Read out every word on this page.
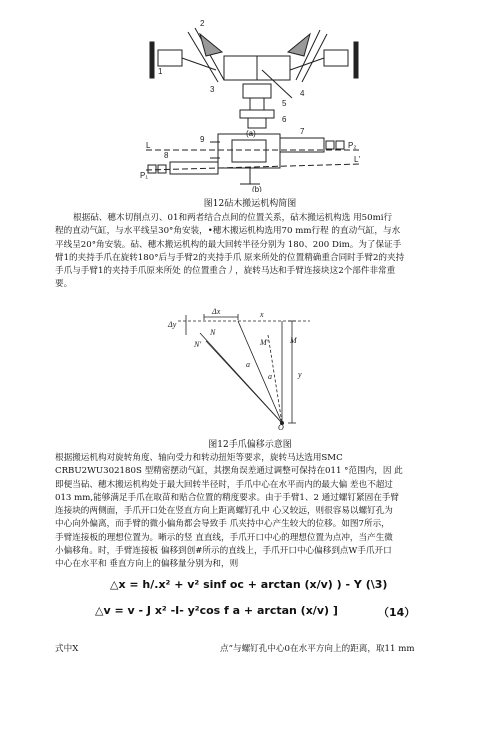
1
2
3	4
5
6
7
8
9
(a)
(b)
L
L'
P₁
P₂
图12砧木搬运机构简图
根据砧、穗木切削点刃、01和两者结合点间的位置关系，砧木搬运机构选 用50mi行
程的直动气缸，与水平线呈30°角安装，•穗木搬运机构选用70 mm行程 的直动气缸，与水
平线呈20°角安装。砧、穗木搬运机构的最大回转半径分别为 180、200 Dim。为了保证手
臂1的夹持手爪在旋转180°后与手臂2的夹持手爪 原来所处的位置精确重合同时手臂2的夹持
手爪与手臂1的夹持手爪原来所处 的位置重合丿，旋转马达和手臂连接块这2个部件非常重
要。
Δy
Δx	x
N
N'	M
M'
a
a	y
O
图12手爪偏移示意图
根据搬运机构对旋转角度、轴向受力和转动扭矩等要求，旋转马达选用SMC
CRBU2WU302180S 型精密摆动气缸，其摆角误差通过调整可保持在011 °范围内，因 此
即便当砧、穗木搬运机构处于最大回转半径时，手爪中心在水平而内的最大偏 差也不超过
013 mm,能够满足手爪在取苗和贴合位置的精度要求。由于手臂1、2 通过螺钉紧固在手臂
连接块的两侧面，手爪开口处在竖直方向上距离螺钉孔中 心又较远，则很容易以螺钉孔为
中心向外偏离，而手臂的微小偏角都会导致手 爪夹持中心产生较大的位移。如图7所示，
手臂连接板的理想位置为。晰示的竖 直直线，手爪开口中心的理想位置为点冲，当产生微
小偏移角。时，手臂连接板 偏移到创#所示的直线上，手爪开口中心偏移到点W手爪开口
中心在水平和 垂直方向上的偏移量分别为和，则
△x = h/.x² + v² sinf oc + arctan (x/v) ) - Y (\3)
△v = v - J x² -I- y²cos f a + arctan (x/v) ]	（14）
式中X	点”与螺钉孔中心0在水平方向上的距离，取11 mm
